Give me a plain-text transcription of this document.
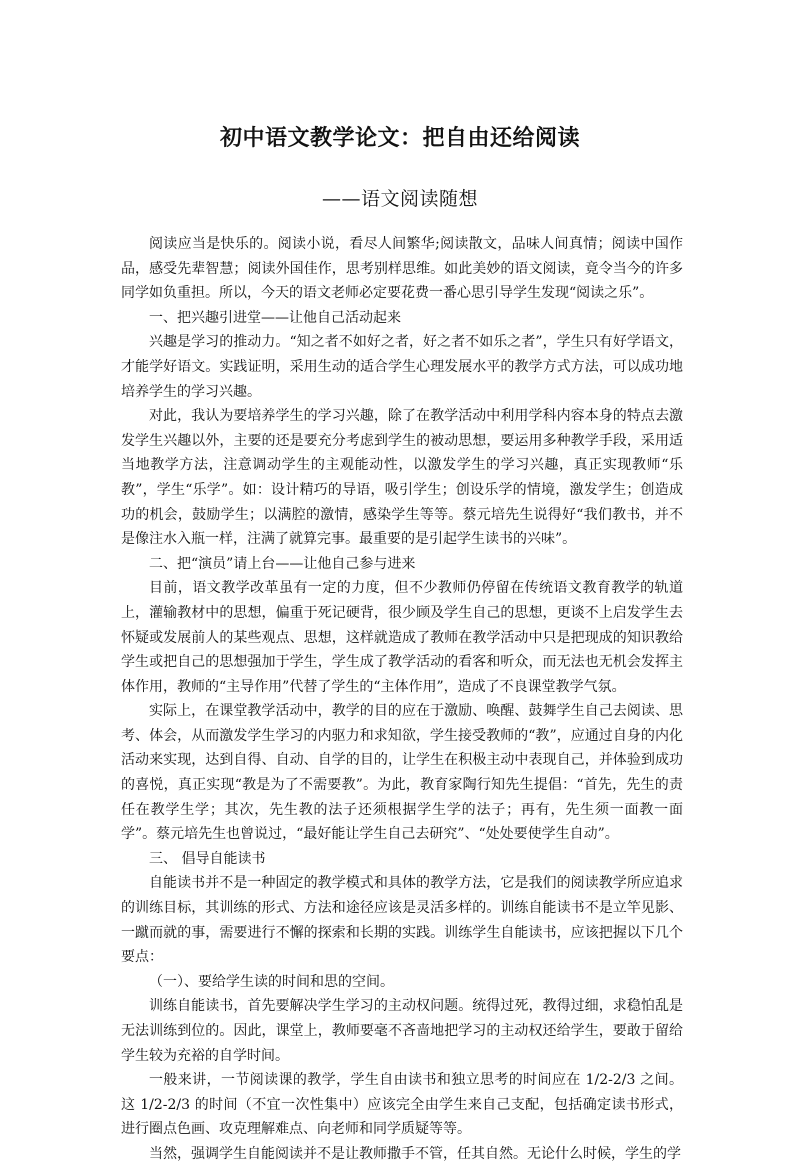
初中语文教学论文：把自由还给阅读
——语文阅读随想

阅读应当是快乐的。阅读小说，看尽人间繁华;阅读散文，品味人间真情；阅读中国作品，感受先辈智慧；阅读外国佳作，思考别样思维。如此美妙的语文阅读，竟令当今的许多同学如负重担。所以，今天的语文老师必定要花费一番心思引导学生发现“阅读之乐”。

一、把兴趣引进堂——让他自己活动起来

兴趣是学习的推动力。“知之者不如好之者，好之者不如乐之者”，学生只有好学语文，才能学好语文。实践证明，采用生动的适合学生心理发展水平的教学方式方法，可以成功地培养学生的学习兴趣。

对此，我认为要培养学生的学习兴趣，除了在教学活动中利用学科内容本身的特点去激发学生兴趣以外，主要的还是要充分考虑到学生的被动思想，要运用多种教学手段，采用适当地教学方法，注意调动学生的主观能动性，以激发学生的学习兴趣，真正实现教师“乐教”，学生“乐学”。如：设计精巧的导语，吸引学生；创设乐学的情境，激发学生；创造成功的机会，鼓励学生；以满腔的激情，感染学生等等。蔡元培先生说得好“我们教书，并不是像注水入瓶一样，注满了就算完事。最重要的是引起学生读书的兴味”。

二、把“演员”请上台——让他自己参与进来

目前，语文教学改革虽有一定的力度，但不少教师仍停留在传统语文教育教学的轨道上，灌输教材中的思想，偏重于死记硬背，很少顾及学生自己的思想，更谈不上启发学生去怀疑或发展前人的某些观点、思想，这样就造成了教师在教学活动中只是把现成的知识教给学生或把自己的思想强加于学生，学生成了教学活动的看客和听众，而无法也无机会发挥主体作用，教师的“主导作用”代替了学生的“主体作用”，造成了不良课堂教学气氛。

实际上，在课堂教学活动中，教学的目的应在于激励、唤醒、鼓舞学生自己去阅读、思考、体会，从而激发学生学习的内驱力和求知欲，学生接受教师的“教”，应通过自身的内化活动来实现，达到自得、自动、自学的目的，让学生在积极主动中表现自己，并体验到成功的喜悦，真正实现“教是为了不需要教”。为此，教育家陶行知先生提倡：“首先，先生的责任在教学生学；其次，先生教的法子还须根据学生学的法子；再有，先生须一面教一面学”。蔡元培先生也曾说过，“最好能让学生自己去研究”、“处处要使学生自动”。

三、 倡导自能读书

自能读书并不是一种固定的教学模式和具体的教学方法，它是我们的阅读教学所应追求的训练目标，其训练的形式、方法和途径应该是灵活多样的。训练自能读书不是立竿见影、一蹴而就的事，需要进行不懈的探索和长期的实践。训练学生自能读书，应该把握以下几个要点：

（一）、要给学生读的时间和思的空间。

训练自能读书，首先要解决学生学习的主动权问题。统得过死，教得过细，求稳怕乱是无法训练到位的。因此，课堂上，教师要毫不吝啬地把学习的主动权还给学生，要敢于留给学生较为充裕的自学时间。

一般来讲，一节阅读课的教学，学生自由读书和独立思考的时间应在 1/2-2/3 之间。这 1/2-2/3 的时间（不宜一次性集中）应该完全由学生来自己支配，包括确定读书形式，进行圈点色画、攻克理解难点、向老师和同学质疑等等。

当然，强调学生自能阅读并不是让教师撒手不管，任其自然。无论什么时候，学生的学
